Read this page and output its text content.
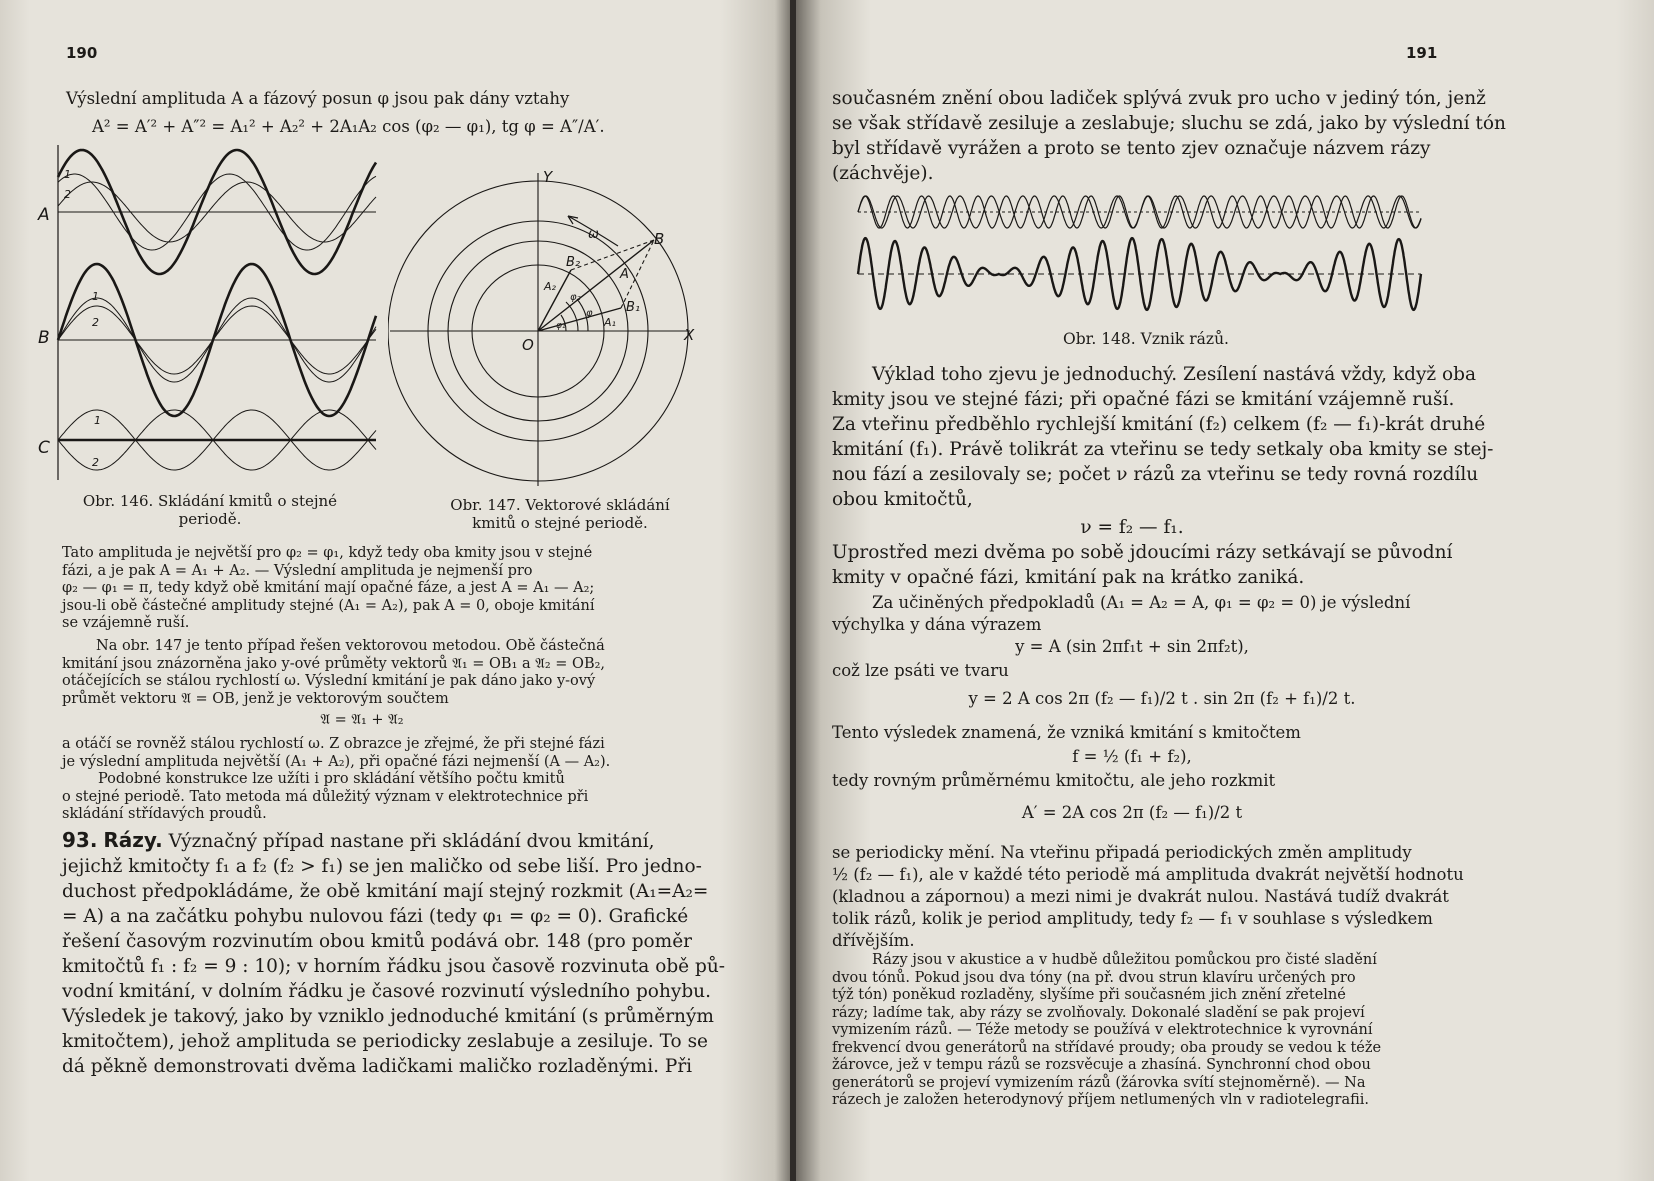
190
Výslední amplituda A a fázový posun φ jsou pak dány vztahy
A² = A′² + A″² = A₁² + A₂² + 2A₁A₂ cos (φ₂ — φ₁), tg φ = A″/A′.
A
B
C
1
2
1
2
1
2
Y
X
O
B
B₂
B₁
A
A₂
A₁
φ₂
φ
φ₁
ω
Obr. 146. Skládání kmitů o stejné
periodě.
Obr. 147. Vektorové skládání
kmitů o stejné periodě.
Tato amplituda je největší pro φ₂ = φ₁, když tedy oba kmity jsou v stejné
fázi, a je pak A = A₁ + A₂. — Výslední amplituda je nejmenší pro
φ₂ — φ₁ = π, tedy když obě kmitání mají opačné fáze, a jest A = A₁ — A₂;
jsou-li obě částečné amplitudy stejné (A₁ = A₂), pak A = 0, oboje kmitání
se vzájemně ruší.
Na obr. 147 je tento případ řešen vektorovou metodou. Obě částečná
kmitání jsou znázorněna jako y-ové průměty vektorů 𝔄₁ = OB₁ a 𝔄₂ = OB₂,
otáčejících se stálou rychlostí ω. Výslední kmitání je pak dáno jako y-ový
průmět vektoru 𝔄 = OB, jenž je vektorovým součtem
𝔄 = 𝔄₁ + 𝔄₂
a otáčí se rovněž stálou rychlostí ω. Z obrazce je zřejmé, že při stejné fázi
je výslední amplituda největší (A₁ + A₂), při opačné fázi nejmenší (A — A₂).
Podobné konstrukce lze užíti i pro skládání většího počtu kmitů
o stejné periodě. Tato metoda má důležitý význam v elektrotechnice při
skládání střídavých proudů.
93. Rázy. Význačný případ nastane při skládání dvou kmitání,
jejichž kmitočty f₁ a f₂ (f₂ > f₁) se jen maličko od sebe liší. Pro jedno-
duchost předpokládáme, že obě kmitání mají stejný rozkmit (A₁=A₂=
= A) a na začátku pohybu nulovou fázi (tedy φ₁ = φ₂ = 0). Grafické
řešení časovým rozvinutím obou kmitů podává obr. 148 (pro poměr
kmitočtů f₁ : f₂ = 9 : 10); v horním řádku jsou časově rozvinuta obě pů-
vodní kmitání, v dolním řádku je časové rozvinutí výsledního pohybu.
Výsledek je takový, jako by vzniklo jednoduché kmitání (s průměrným
kmitočtem), jehož amplituda se periodicky zeslabuje a zesiluje. To se
dá pěkně demonstrovati dvěma ladičkami maličko rozladěnými. Při
191
současném znění obou ladiček splývá zvuk pro ucho v jediný tón, jenž
se však střídavě zesiluje a zeslabuje; sluchu se zdá, jako by výslední tón
byl střídavě vyrážen a proto se tento zjev označuje názvem rázy
(záchvěje).
Obr. 148. Vznik rázů.
Výklad toho zjevu je jednoduchý. Zesílení nastává vždy, když oba
kmity jsou ve stejné fázi; při opačné fázi se kmitání vzájemně ruší.
Za vteřinu předběhlo rychlejší kmitání (f₂) celkem (f₂ — f₁)-krát druhé
kmitání (f₁). Právě tolikrát za vteřinu se tedy setkaly oba kmity se stej-
nou fází a zesilovaly se; počet ν rázů za vteřinu se tedy rovná rozdílu
obou kmitočtů,
ν = f₂ — f₁.
Uprostřed mezi dvěma po sobě jdoucími rázy setkávají se původní
kmity v opačné fázi, kmitání pak na krátko zaniká.
Za učiněných předpokladů (A₁ = A₂ = A, φ₁ = φ₂ = 0) je výslední
výchylka y dána výrazem
y = A (sin 2πf₁t + sin 2πf₂t),
což lze psáti ve tvaru
y = 2 A cos 2π (f₂ — f₁)/2 t . sin 2π (f₂ + f₁)/2 t.
Tento výsledek znamená, že vzniká kmitání s kmitočtem
f = ½ (f₁ + f₂),
tedy rovným průměrnému kmitočtu, ale jeho rozkmit
A′ = 2A cos 2π (f₂ — f₁)/2 t
se periodicky mění. Na vteřinu připadá periodických změn amplitudy
½ (f₂ — f₁), ale v každé této periodě má amplituda dvakrát největší hodnotu
(kladnou a zápornou) a mezi nimi je dvakrát nulou. Nastává tudíž dvakrát
tolik rázů, kolik je period amplitudy, tedy f₂ — f₁ v souhlase s výsledkem
dřívějším.
Rázy jsou v akustice a v hudbě důležitou pomůckou pro čisté sladění
dvou tónů. Pokud jsou dva tóny (na př. dvou strun klavíru určených pro
týž tón) poněkud rozladěny, slyšíme při současném jich znění zřetelné
rázy; ladíme tak, aby rázy se zvolňovaly. Dokonalé sladění se pak projeví
vymizením rázů. — Téže metody se používá v elektrotechnice k vyrovnání
frekvencí dvou generátorů na střídavé proudy; oba proudy se vedou k téže
žárovce, jež v tempu rázů se rozsvěcuje a zhasíná. Synchronní chod obou
generátorů se projeví vymizením rázů (žárovka svítí stejnoměrně). — Na
rázech je založen heterodynový příjem netlumených vln v radiotelegrafii.
